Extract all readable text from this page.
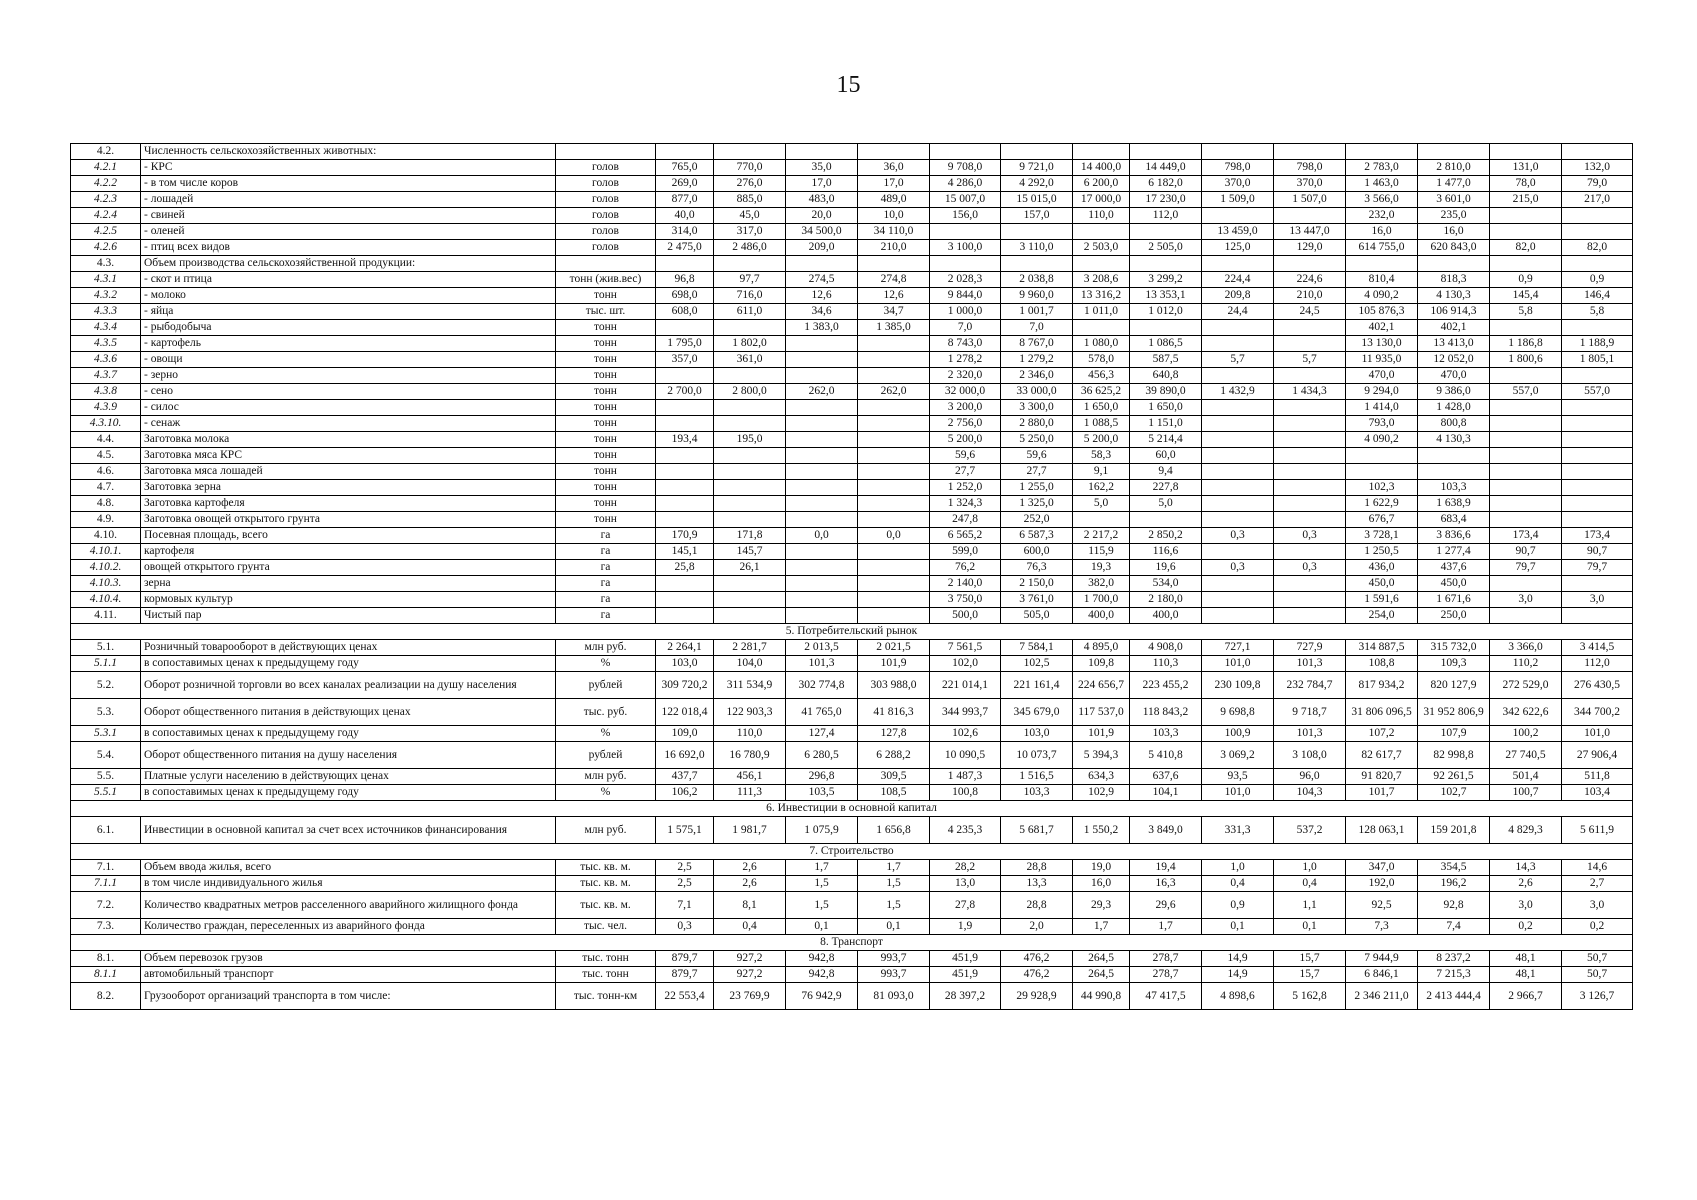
15
4.2.	Численность сельскохозяйственных животных:															
4.2.1	- КРС	голов	765,0	770,0	35,0	36,0	9 708,0	9 721,0	14 400,0	14 449,0	798,0	798,0	2 783,0	2 810,0	131,0	132,0
4.2.2	- в том числе коров	голов	269,0	276,0	17,0	17,0	4 286,0	4 292,0	6 200,0	6 182,0	370,0	370,0	1 463,0	1 477,0	78,0	79,0
4.2.3	- лошадей	голов	877,0	885,0	483,0	489,0	15 007,0	15 015,0	17 000,0	17 230,0	1 509,0	1 507,0	3 566,0	3 601,0	215,0	217,0
4.2.4	- свиней	голов	40,0	45,0	20,0	10,0	156,0	157,0	110,0	112,0			232,0	235,0		
4.2.5	- оленей	голов	314,0	317,0	34 500,0	34 110,0					13 459,0	13 447,0	16,0	16,0		
4.2.6	- птиц всех видов	голов	2 475,0	2 486,0	209,0	210,0	3 100,0	3 110,0	2 503,0	2 505,0	125,0	129,0	614 755,0	620 843,0	82,0	82,0
4.3.	Объем производства сельскохозяйственной продукции:															
4.3.1	- скот и птица	тонн (жив.вес)	96,8	97,7	274,5	274,8	2 028,3	2 038,8	3 208,6	3 299,2	224,4	224,6	810,4	818,3	0,9	0,9
4.3.2	- молоко	тонн	698,0	716,0	12,6	12,6	9 844,0	9 960,0	13 316,2	13 353,1	209,8	210,0	4 090,2	4 130,3	145,4	146,4
4.3.3	- яйца	тыс. шт.	608,0	611,0	34,6	34,7	1 000,0	1 001,7	1 011,0	1 012,0	24,4	24,5	105 876,3	106 914,3	5,8	5,8
4.3.4	- рыбодобыча	тонн			1 383,0	1 385,0	7,0	7,0					402,1	402,1		
4.3.5	- картофель	тонн	1 795,0	1 802,0			8 743,0	8 767,0	1 080,0	1 086,5			13 130,0	13 413,0	1 186,8	1 188,9
4.3.6	- овощи	тонн	357,0	361,0			1 278,2	1 279,2	578,0	587,5	5,7	5,7	11 935,0	12 052,0	1 800,6	1 805,1
4.3.7	- зерно	тонн					2 320,0	2 346,0	456,3	640,8			470,0	470,0		
4.3.8	- сено	тонн	2 700,0	2 800,0	262,0	262,0	32 000,0	33 000,0	36 625,2	39 890,0	1 432,9	1 434,3	9 294,0	9 386,0	557,0	557,0
4.3.9	- силос	тонн					3 200,0	3 300,0	1 650,0	1 650,0			1 414,0	1 428,0		
4.3.10.	- сенаж	тонн					2 756,0	2 880,0	1 088,5	1 151,0			793,0	800,8		
4.4.	Заготовка молока	тонн	193,4	195,0			5 200,0	5 250,0	5 200,0	5 214,4			4 090,2	4 130,3		
4.5.	Заготовка мяса КРС	тонн					59,6	59,6	58,3	60,0						
4.6.	Заготовка мяса лошадей	тонн					27,7	27,7	9,1	9,4						
4.7.	Заготовка зерна	тонн					1 252,0	1 255,0	162,2	227,8			102,3	103,3		
4.8.	Заготовка картофеля	тонн					1 324,3	1 325,0	5,0	5,0			1 622,9	1 638,9		
4.9.	Заготовка овощей открытого грунта	тонн					247,8	252,0					676,7	683,4		
4.10.	Посевная площадь, всего	га	170,9	171,8	0,0	0,0	6 565,2	6 587,3	2 217,2	2 850,2	0,3	0,3	3 728,1	3 836,6	173,4	173,4
4.10.1.	картофеля	га	145,1	145,7			599,0	600,0	115,9	116,6			1 250,5	1 277,4	90,7	90,7
4.10.2.	овощей открытого грунта	га	25,8	26,1			76,2	76,3	19,3	19,6	0,3	0,3	436,0	437,6	79,7	79,7
4.10.3.	зерна	га					2 140,0	2 150,0	382,0	534,0			450,0	450,0		
4.10.4.	кормовых культур	га					3 750,0	3 761,0	1 700,0	2 180,0			1 591,6	1 671,6	3,0	3,0
4.11.	Чистый пар	га					500,0	505,0	400,0	400,0			254,0	250,0		
5. Потребительский рынок																
5.1.	Розничный товарооборот в действующих ценах	млн руб.	2 264,1	2 281,7	2 013,5	2 021,5	7 561,5	7 584,1	4 895,0	4 908,0	727,1	727,9	314 887,5	315 732,0	3 366,0	3 414,5
5.1.1	в сопоставимых ценах к предыдущему году	%	103,0	104,0	101,3	101,9	102,0	102,5	109,8	110,3	101,0	101,3	108,8	109,3	110,2	112,0
5.2.	Оборот розничной торговли во всех каналах реализации на душу населения	рублей	309 720,2	311 534,9	302 774,8	303 988,0	221 014,1	221 161,4	224 656,7	223 455,2	230 109,8	232 784,7	817 934,2	820 127,9	272 529,0	276 430,5
5.3.	Оборот общественного питания в действующих ценах	тыс. руб.	122 018,4	122 903,3	41 765,0	41 816,3	344 993,7	345 679,0	117 537,0	118 843,2	9 698,8	9 718,7	31 806 096,5	31 952 806,9	342 622,6	344 700,2
5.3.1	в сопоставимых ценах к предыдущему году	%	109,0	110,0	127,4	127,8	102,6	103,0	101,9	103,3	100,9	101,3	107,2	107,9	100,2	101,0
5.4.	Оборот общественного питания на душу населения	рублей	16 692,0	16 780,9	6 280,5	6 288,2	10 090,5	10 073,7	5 394,3	5 410,8	3 069,2	3 108,0	82 617,7	82 998,8	27 740,5	27 906,4
5.5.	Платные услуги населению в действующих ценах	млн руб.	437,7	456,1	296,8	309,5	1 487,3	1 516,5	634,3	637,6	93,5	96,0	91 820,7	92 261,5	501,4	511,8
5.5.1	в сопоставимых ценах к предыдущему году	%	106,2	111,3	103,5	108,5	100,8	103,3	102,9	104,1	101,0	104,3	101,7	102,7	100,7	103,4
6. Инвестиции в основной капитал																
6.1.	Инвестиции в основной капитал за счет всех источников финансирования	млн руб.	1 575,1	1 981,7	1 075,9	1 656,8	4 235,3	5 681,7	1 550,2	3 849,0	331,3	537,2	128 063,1	159 201,8	4 829,3	5 611,9
7. Строительство																
7.1.	Объем ввода жилья, всего	тыс. кв. м.	2,5	2,6	1,7	1,7	28,2	28,8	19,0	19,4	1,0	1,0	347,0	354,5	14,3	14,6
7.1.1	в том числе индивидуального жилья	тыс. кв. м.	2,5	2,6	1,5	1,5	13,0	13,3	16,0	16,3	0,4	0,4	192,0	196,2	2,6	2,7
7.2.	Количество квадратных метров расселенного аварийного жилищного фонда	тыс. кв. м.	7,1	8,1	1,5	1,5	27,8	28,8	29,3	29,6	0,9	1,1	92,5	92,8	3,0	3,0
7.3.	Количество граждан, переселенных из аварийного фонда	тыс. чел.	0,3	0,4	0,1	0,1	1,9	2,0	1,7	1,7	0,1	0,1	7,3	7,4	0,2	0,2
8. Транспорт																
8.1.	Объем перевозок грузов	тыс. тонн	879,7	927,2	942,8	993,7	451,9	476,2	264,5	278,7	14,9	15,7	7 944,9	8 237,2	48,1	50,7
8.1.1	автомобильный транспорт	тыс. тонн	879,7	927,2	942,8	993,7	451,9	476,2	264,5	278,7	14,9	15,7	6 846,1	7 215,3	48,1	50,7
8.2.	Грузооборот организаций транспорта в том числе:	тыс. тонн-км	22 553,4	23 769,9	76 942,9	81 093,0	28 397,2	29 928,9	44 990,8	47 417,5	4 898,6	5 162,8	2 346 211,0	2 413 444,4	2 966,7	3 126,7
